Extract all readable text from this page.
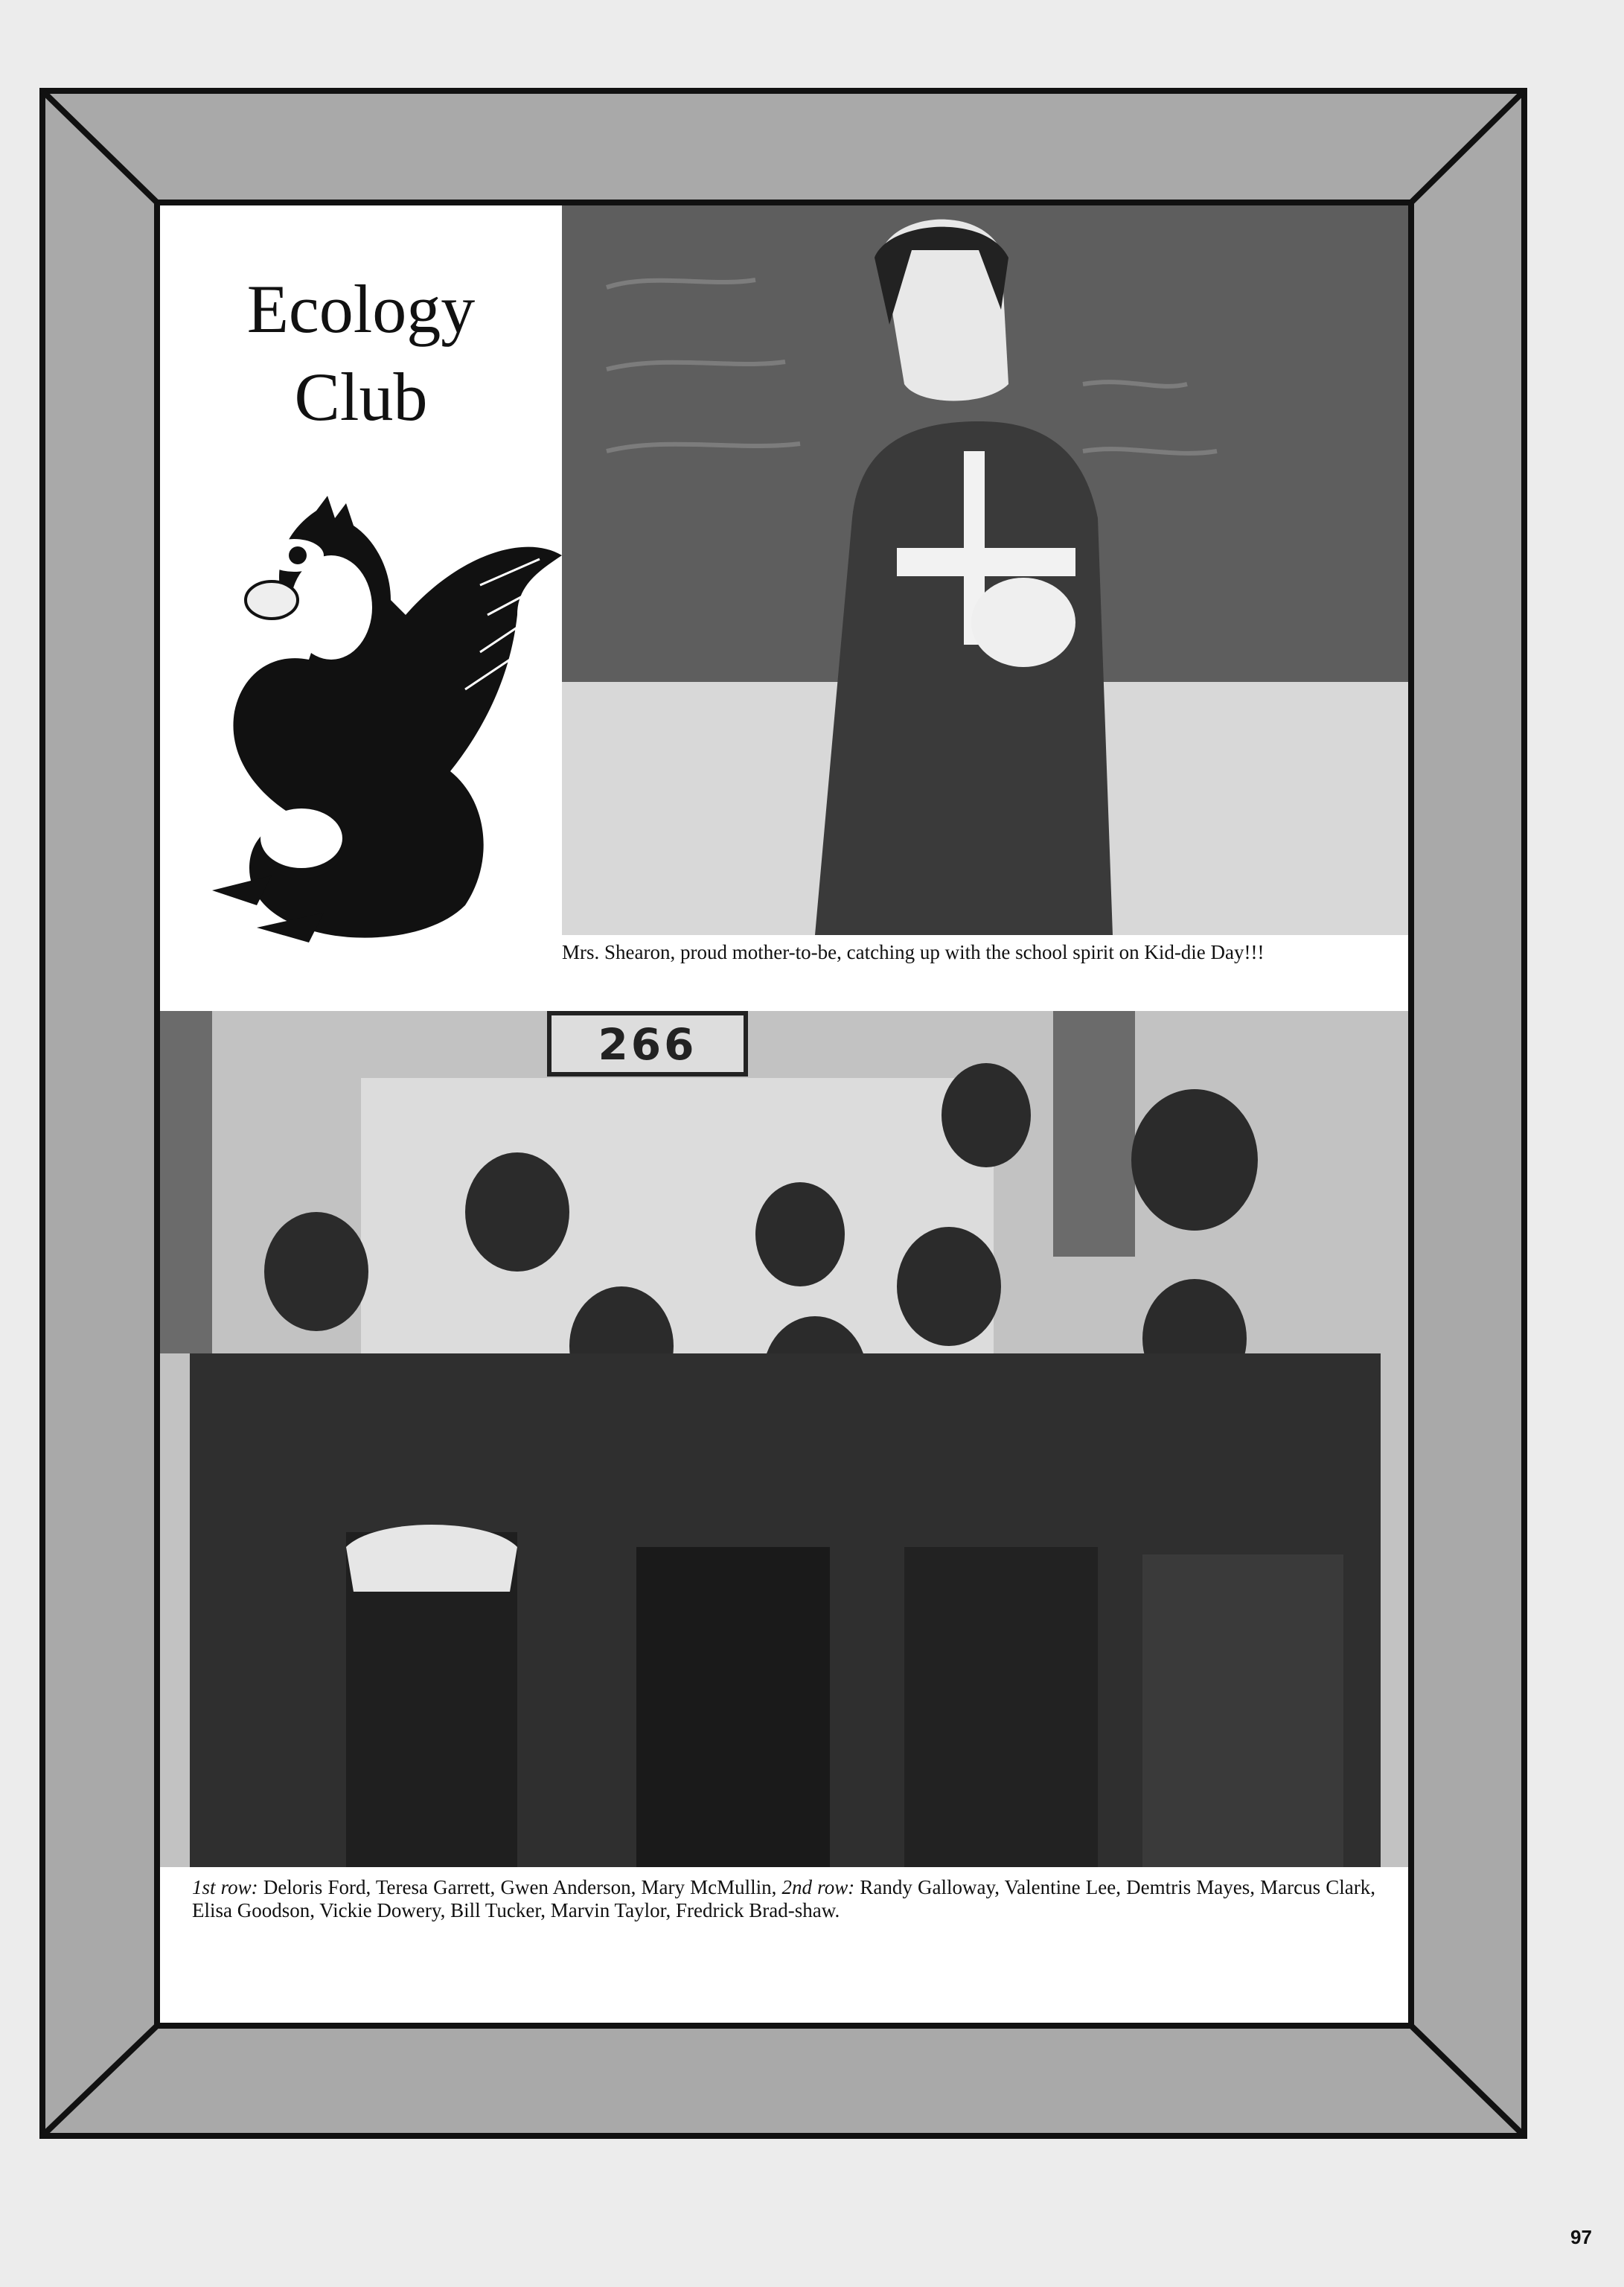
Ecology
Club
Mrs. Shearon, proud mother-to-be, catching up with the school spirit on Kid-die Day!!!
266
1st row: Deloris Ford, Teresa Garrett, Gwen Anderson, Mary McMullin, 2nd row: Randy Galloway, Valentine Lee, Demtris Mayes, Marcus Clark, Elisa Goodson, Vickie Dowery, Bill Tucker, Marvin Taylor, Fredrick Brad-shaw.
97
